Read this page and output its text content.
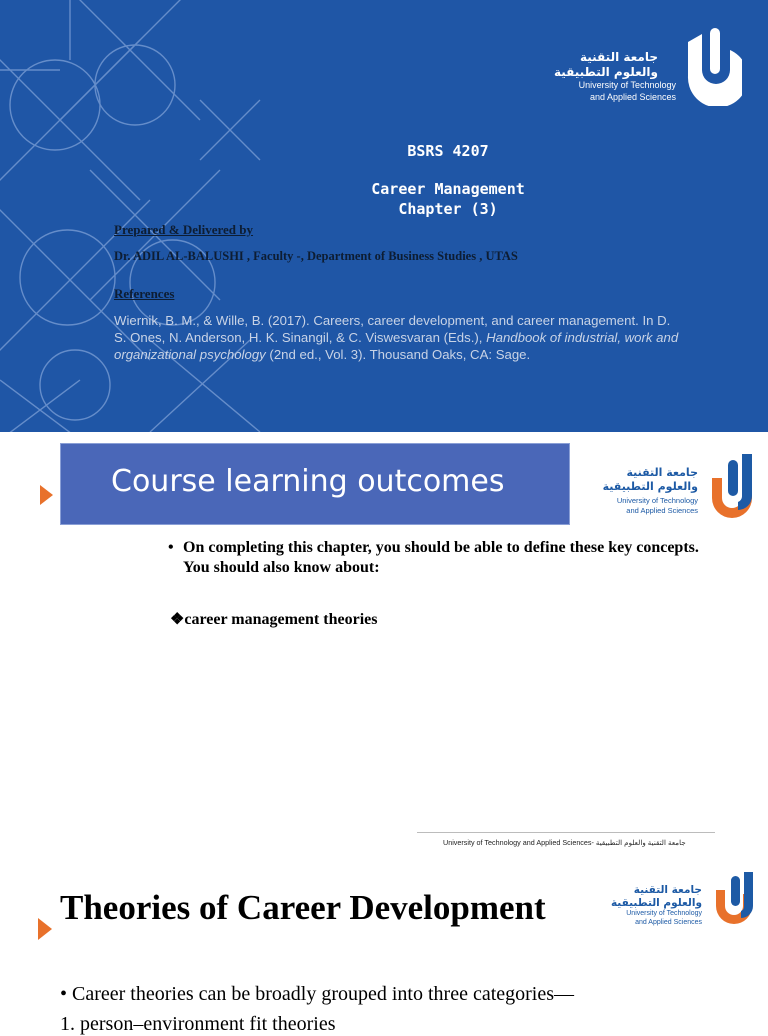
جامعة التقنية
والعلوم التطبيقية
University of Technology
and Applied Sciences
BSRS 4207
Career Management
Chapter (3)
Prepared & Delivered by
Dr. ADIL AL-BALUSHI , Faculty -, Department of Business Studies , UTAS
References
Wiernik, B. M., & Wille, B. (2017). Careers, career development, and career management. In D. S. Ones, N. Anderson, H. K. Sinangil, & C. Viswesvaran (Eds.), Handbook of industrial, work and organizational psychology (2nd ed., Vol. 3). Thousand Oaks, CA: Sage.
Course learning outcomes	جامعة التقنية
والعلوم التطبيقية
University of Technology
and Applied Sciences
• On completing this chapter, you should be able to define these key concepts. You should also know about:
❖career management theories
University of Technology and Applied Sciences- جامعة التقنية والعلوم التطبيقية
Theories of Career Development	جامعة التقنية
والعلوم التطبيقية
University of Technology
and Applied Sciences
• Career theories can be broadly grouped into three categories—
1. person–environment fit theories
